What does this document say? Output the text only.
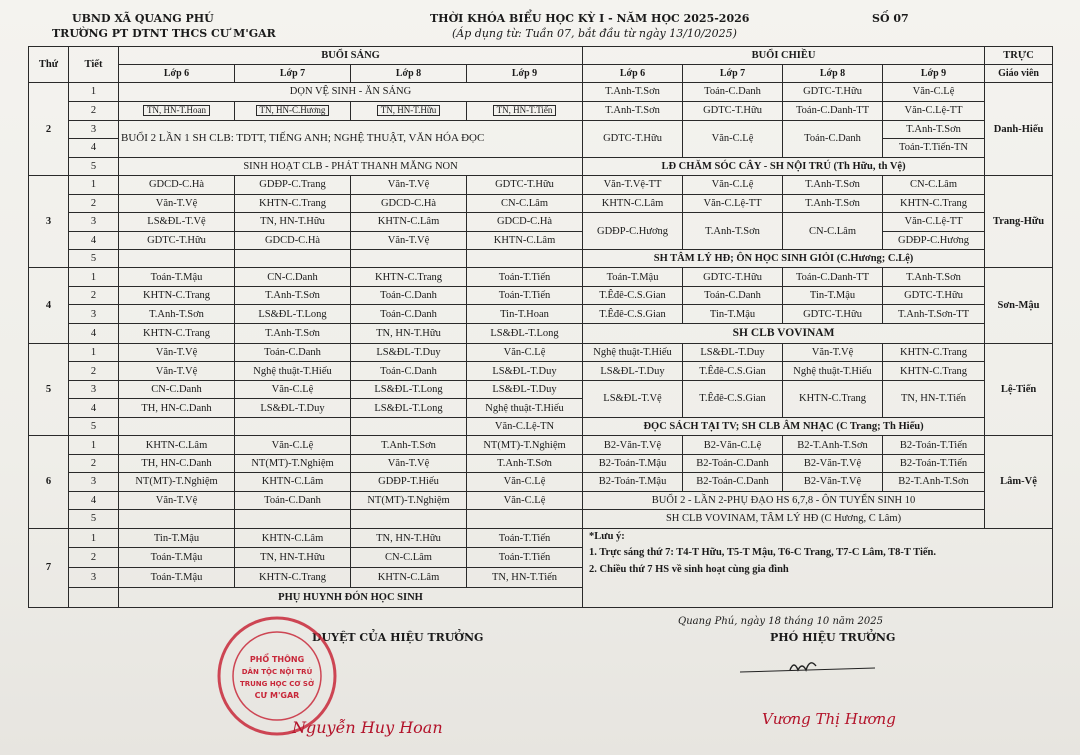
UBND XÃ QUANG PHÚ
TRƯỜNG PT DTNT THCS CƯ M'GAR
THỜI KHÓA BIỂU HỌC KỲ I - NĂM HỌC 2025-2026
(Áp dụng từ: Tuần 07, bắt đầu từ ngày 13/10/2025)
SỐ 07
Thứ	Tiết	BUỔI SÁNG				BUỔI CHIỀU				TRỰC
		Lớp 6	Lớp 7	Lớp 8	Lớp 9	Lớp 6	Lớp 7	Lớp 8	Lớp 9	Giáo viên
2	1	DỌN VỆ SINH - ĂN SÁNG				T.Anh-T.Sơn	Toán-C.Danh	GDTC-T.Hữu	Văn-C.Lệ	Danh-Hiếu
	2	TN, HN-T.Hoan	TN, HN-C.Hương	TN, HN-T.Hữu	TN, HN-T.Tiến	T.Anh-T.Sơn	GDTC-T.Hữu	Toán-C.Danh-TT	Văn-C.Lệ-TT	
	3	BUỔI 2 LẦN 1 SH CLB: TDTT, TIẾNG ANH; NGHỆ THUẬT, VĂN HÓA ĐỌC				GDTC-T.Hữu	Văn-C.Lệ	Toán-C.Danh	T.Anh-T.Sơn	
	4								Toán-T.Tiến-TN	
	5	SINH HOẠT CLB - PHÁT THANH MĂNG NON				LĐ CHĂM SÓC CÂY - SH NỘI TRÚ (Th Hữu, th Vệ)				
3	1	GDCD-C.Hà	GDĐP-C.Trang	Văn-T.Vệ	GDTC-T.Hữu	Văn-T.Vệ-TT	Văn-C.Lệ	T.Anh-T.Sơn	CN-C.Lâm	Trang-Hữu
	2	Văn-T.Vệ	KHTN-C.Trang	GDCD-C.Hà	CN-C.Lâm	KHTN-C.Lâm	Văn-C.Lệ-TT	T.Anh-T.Sơn	KHTN-C.Trang	
	3	LS&ĐL-T.Vệ	TN, HN-T.Hữu	KHTN-C.Lâm	GDCD-C.Hà	GDĐP-C.Hương	T.Anh-T.Sơn	CN-C.Lâm	Văn-C.Lệ-TT	
	4	GDTC-T.Hữu	GDCD-C.Hà	Văn-T.Vệ	KHTN-C.Lâm				GDĐP-C.Hương	
	5					SH TÂM LÝ HĐ; ÔN HỌC SINH GIỎI (C.Hương; C.Lệ)				
4	1	Toán-T.Mậu	CN-C.Danh	KHTN-C.Trang	Toán-T.Tiến	Toán-T.Mậu	GDTC-T.Hữu	Toán-C.Danh-TT	T.Anh-T.Sơn	Sơn-Mậu
	2	KHTN-C.Trang	T.Anh-T.Sơn	Toán-C.Danh	Toán-T.Tiến	T.Êđê-C.S.Gian	Toán-C.Danh	Tin-T.Mậu	GDTC-T.Hữu	
	3	T.Anh-T.Sơn	LS&ĐL-T.Long	Toán-C.Danh	Tin-T.Hoan	T.Êđê-C.S.Gian	Tin-T.Mậu	GDTC-T.Hữu	T.Anh-T.Sơn-TT	
	4	KHTN-C.Trang	T.Anh-T.Sơn	TN, HN-T.Hữu	LS&ĐL-T.Long	SH CLB VOVINAM				
5	1	Văn-T.Vệ	Toán-C.Danh	LS&ĐL-T.Duy	Văn-C.Lệ	Nghệ thuật-T.Hiếu	LS&ĐL-T.Duy	Văn-T.Vệ	KHTN-C.Trang	Lệ-Tiến
	2	Văn-T.Vệ	Nghệ thuật-T.Hiếu	Toán-C.Danh	LS&ĐL-T.Duy	LS&ĐL-T.Duy	T.Êđê-C.S.Gian	Nghệ thuật-T.Hiếu	KHTN-C.Trang	
	3	CN-C.Danh	Văn-C.Lệ	LS&ĐL-T.Long	LS&ĐL-T.Duy	LS&ĐL-T.Vệ	T.Êđê-C.S.Gian	KHTN-C.Trang	TN, HN-T.Tiến	
	4	TH, HN-C.Danh	LS&ĐL-T.Duy	LS&ĐL-T.Long	Nghệ thuật-T.Hiếu					
	5				Văn-C.Lệ-TN	ĐỌC SÁCH TẠI TV; SH CLB ÂM NHẠC (C Trang; Th Hiếu)				
6	1	KHTN-C.Lâm	Văn-C.Lệ	T.Anh-T.Sơn	NT(MT)-T.Nghiệm	B2-Văn-T.Vệ	B2-Văn-C.Lệ	B2-T.Anh-T.Sơn	B2-Toán-T.Tiến	Lâm-Vệ
	2	TH, HN-C.Danh	NT(MT)-T.Nghiệm	Văn-T.Vệ	T.Anh-T.Sơn	B2-Toán-T.Mậu	B2-Toán-C.Danh	B2-Văn-T.Vệ	B2-Toán-T.Tiến	
	3	NT(MT)-T.Nghiệm	KHTN-C.Lâm	GDĐP-T.Hiếu	Văn-C.Lệ	B2-Toán-T.Mậu	B2-Toán-C.Danh	B2-Văn-T.Vệ	B2-T.Anh-T.Sơn	
	4	Văn-T.Vệ	Toán-C.Danh	NT(MT)-T.Nghiệm	Văn-C.Lệ	BUỔI 2 - LẦN 2-PHỤ ĐẠO HS 6,7,8 - ÔN TUYỂN SINH 10				
	5					SH CLB VOVINAM, TÂM LÝ HĐ (C Hương, C Lâm)				
7	1	Tin-T.Mậu	KHTN-C.Lâm	TN, HN-T.Hữu	Toán-T.Tiến	*Lưu ý:
1. Trực sáng thứ 7: T4-T Hữu, T5-T Mậu, T6-C Trang, T7-C Lâm, T8-T Tiến.
2. Chiều thứ 7 HS về sinh hoạt cùng gia đình				

	2	Toán-T.Mậu	TN, HN-T.Hữu	CN-C.Lâm	Toán-T.Tiến					
	3	Toán-T.Mậu	KHTN-C.Trang	KHTN-C.Lâm	TN, HN-T.Tiến					
		PHỤ HUYNH ĐÓN HỌC SINH								
Quang Phú, ngày 18 tháng 10 năm 2025
DUYỆT CỦA HIỆU TRƯỞNG	PHÓ HIỆU TRƯỞNG
PHỔ THÔNG
DÂN TỘC NỘI TRÚ
TRUNG HỌC CƠ SỞ
CƯ M'GAR
Nguyễn Huy Hoan	Vương Thị Hương
